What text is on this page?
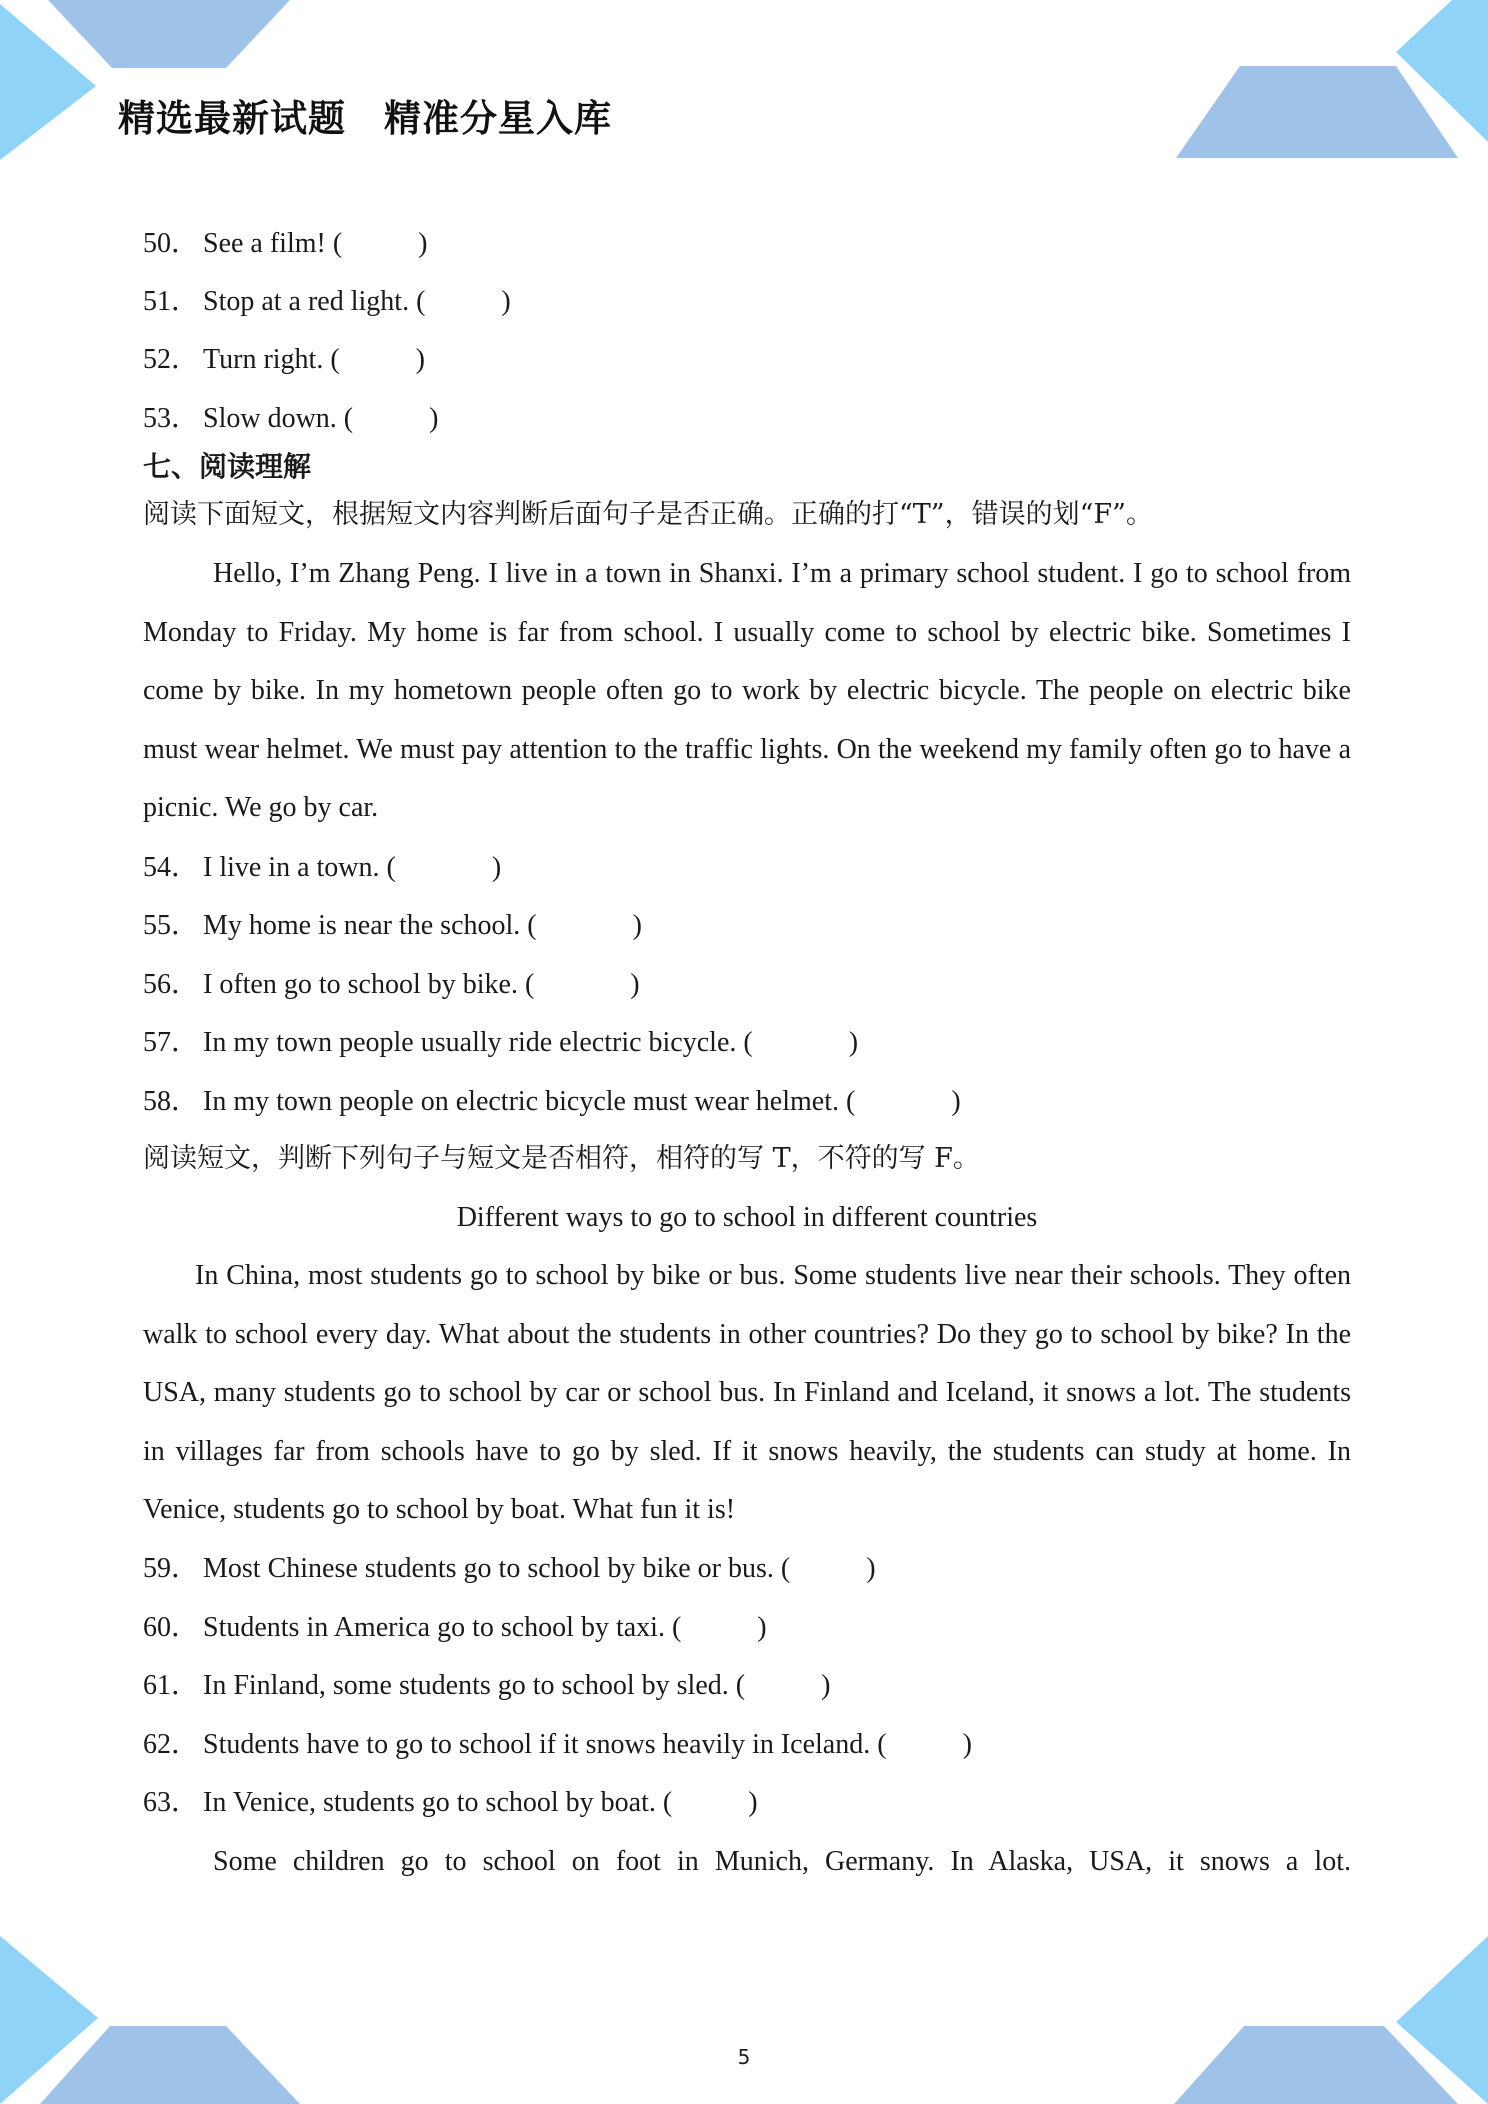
精选最新试题　精准分星入库
50． See a film! (	)
51． Stop at a red light. (	)
52． Turn right. (	)
53． Slow down. (	)
七、阅读理解
阅读下面短文，根据短文内容判断后面句子是否正确。正确的打“T”，错误的划“F”。

Hello, I’m Zhang Peng. I live in a town in Shanxi. I’m a primary school student. I go to school from Monday to Friday. My home is far from school. I usually come to school by electric bike. Sometimes I come by bike. In my hometown people often go to work by electric bicycle. The people on electric bike must wear helmet. We must pay attention to the traffic lights. On the weekend my family often go to have a picnic. We go by car.

54． I live in a town. (	)
55． My home is near the school. (	)
56． I often go to school by bike. (	)
57． In my town people usually ride electric bicycle. (	)
58． In my town people on electric bicycle must wear helmet. (	)
阅读短文，判断下列句子与短文是否相符，相符的写 T，不符的写 F。
Different ways to go to school in different countries

In China, most students go to school by bike or bus. Some students live near their schools. They often walk to school every day. What about the students in other countries? Do they go to school by bike? In the USA, many students go to school by car or school bus. In Finland and Iceland, it snows a lot. The students in villages far from schools have to go by sled. If it snows heavily, the students can study at home. In Venice, students go to school by boat. What fun it is!

59． Most Chinese students go to school by bike or bus. (	)
60． Students in America go to school by taxi. (	)
61． In Finland, some students go to school by sled. (	)
62． Students have to go to school if it snows heavily in Iceland. (	)
63． In Venice, students go to school by boat. (	)
Some children go to school on foot in Munich, Germany. In Alaska, USA, it snows a lot.
5
